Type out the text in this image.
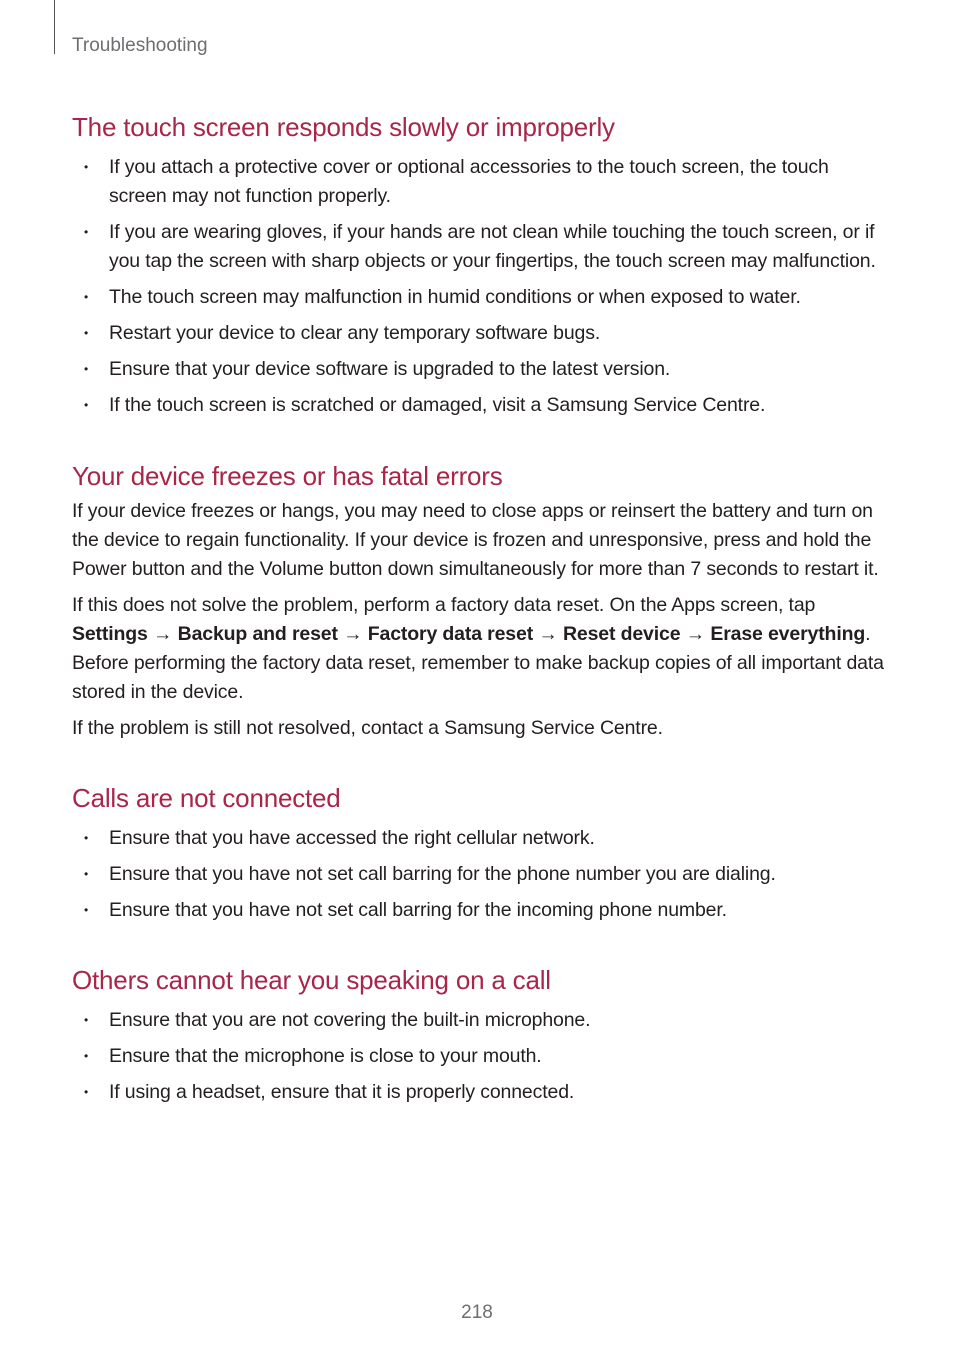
Troubleshooting
The touch screen responds slowly or improperly
• If you attach a protective cover or optional accessories to the touch screen, the touch screen may not function properly.
• If you are wearing gloves, if your hands are not clean while touching the touch screen, or if you tap the screen with sharp objects or your fingertips, the touch screen may malfunction.
• The touch screen may malfunction in humid conditions or when exposed to water.
• Restart your device to clear any temporary software bugs.
• Ensure that your device software is upgraded to the latest version.
• If the touch screen is scratched or damaged, visit a Samsung Service Centre.
Your device freezes or has fatal errors

If your device freezes or hangs, you may need to close apps or reinsert the battery and turn on the device to regain functionality. If your device is frozen and unresponsive, press and hold the Power button and the Volume button down simultaneously for more than 7 seconds to restart it.

If this does not solve the problem, perform a factory data reset. On the Apps screen, tap
Settings → Backup and reset → Factory data reset → Reset device → Erase everything.
Before performing the factory data reset, remember to make backup copies of all important data stored in the device.

If the problem is still not resolved, contact a Samsung Service Centre.

Calls are not connected
• Ensure that you have accessed the right cellular network.
• Ensure that you have not set call barring for the phone number you are dialing.
• Ensure that you have not set call barring for the incoming phone number.
Others cannot hear you speaking on a call
• Ensure that you are not covering the built-in microphone.
• Ensure that the microphone is close to your mouth.
• If using a headset, ensure that it is properly connected.
218
